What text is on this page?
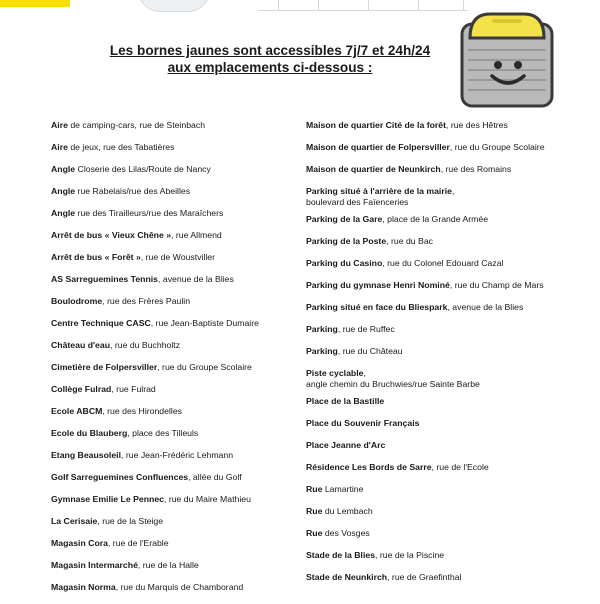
Les bornes jaunes sont accessibles 7j/7 et 24h/24
aux emplacements ci-dessous :
Aire de camping-cars, rue de Steinbach
Aire de jeux, rue des Tabatières
Angle Closerie des Lilas/Route de Nancy
Angle rue Rabelais/rue des Abeilles
Angle rue des Tirailleurs/rue des Maraîchers
Arrêt de bus « Vieux Chêne », rue Allmend
Arrêt de bus « Forêt », rue de Woustviller
AS Sarreguemines Tennis, avenue de la Blies
Boulodrome, rue des Frères Paulin
Centre Technique CASC, rue Jean-Baptiste Dumaire
Château d'eau, rue du Buchholtz
Cimetière de Folpersviller, rue du Groupe Scolaire
Collège Fulrad, rue Fulrad
Ecole ABCM, rue des Hirondelles
Ecole du Blauberg, place des Tilleuls
Etang Beausoleil, rue Jean-Frédéric Lehmann
Golf Sarreguemines Confluences, allée du Golf
Gymnase Emilie Le Pennec, rue du Maire Mathieu
La Cerisaie, rue de la Steige
Magasin Cora, rue de l'Erable
Magasin Intermarché, rue de la Halle
Magasin Norma, rue du Marquis de Chamborand
Maison de quartier Cité de la forêt, rue des Hêtres
Maison de quartier de Folpersviller, rue du Groupe Scolaire
Maison de quartier de Neunkirch, rue des Romains
Parking situé à l'arrière de la mairie,
boulevard des Faïenceries
Parking de la Gare, place de la Grande Armée
Parking de la Poste, rue du Bac
Parking du Casino, rue du Colonel Edouard Cazal
Parking du gymnase Henri Nominé, rue du Champ de Mars
Parking situé en face du Bliespark, avenue de la Blies
Parking, rue de Ruffec
Parking, rue du Château
Piste cyclable,
angle chemin du Bruchwies/rue Sainte Barbe
Place de la Bastille
Place du Souvenir Français
Place Jeanne d'Arc
Résidence Les Bords de Sarre, rue de l'Ecole
Rue Lamartine
Rue du Lembach
Rue des Vosges
Stade de la Blies, rue de la Piscine
Stade de Neunkirch, rue de Graefinthal
